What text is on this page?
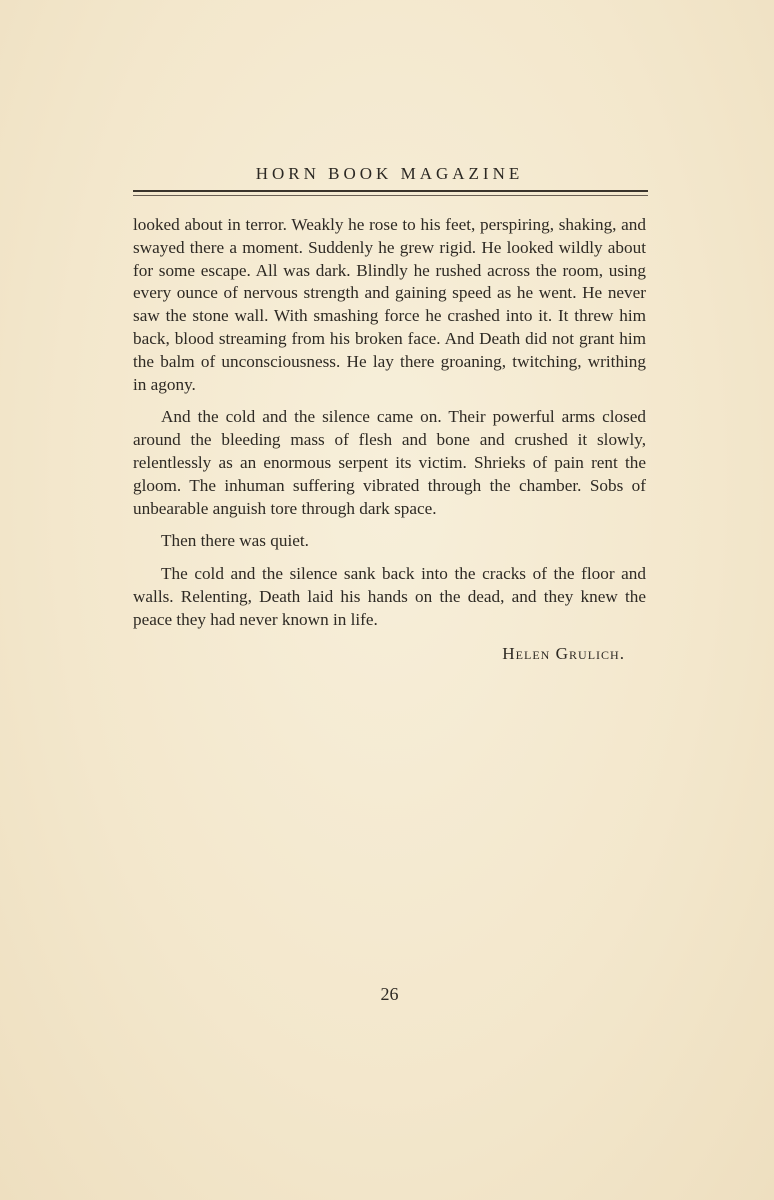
HORN BOOK MAGAZINE

looked about in terror. Weakly he rose to his feet, perspiring, shaking, and swayed there a moment. Suddenly he grew rigid. He looked wildly about for some escape. All was dark. Blindly he rushed across the room, using every ounce of nervous strength and gaining speed as he went. He never saw the stone wall. With smashing force he crashed into it. It threw him back, blood streaming from his broken face. And Death did not grant him the balm of unconsciousness. He lay there groaning, twitching, writhing in agony.

And the cold and the silence came on. Their powerful arms closed around the bleeding mass of flesh and bone and crushed it slowly, relentlessly as an enormous serpent its victim. Shrieks of pain rent the gloom. The inhuman suffering vibrated through the chamber. Sobs of unbearable anguish tore through dark space.

Then there was quiet.

The cold and the silence sank back into the cracks of the floor and walls. Relenting, Death laid his hands on the dead, and they knew the peace they had never known in life.

Helen Grulich.
26
